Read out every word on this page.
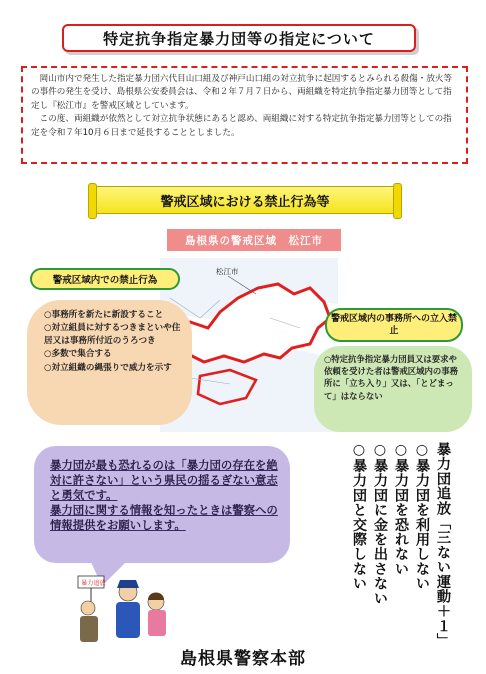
特定抗争指定暴力団等の指定について

岡山市内で発生した指定暴力団六代目山口組及び神戸山口組の対立抗争に起因するとみられる殺傷・放火等の事件の発生を受け、島根県公安委員会は、令和２年７月７日から、両組織を特定抗争指定暴力団等として指定し『松江市』を警戒区域としています。

この度、両組織が依然として対立抗争状態にあると認め、両組織に対する特定抗争指定暴力団等としての指定を令和７年10月６日まで延長することとしました。

警戒区域における禁止行為等
島根県の警戒区域　松江市
松江市
警戒区域内での禁止行為
○事務所を新たに新設すること
○対立組員に対するつきまといや住居又は事務所付近のうろつき
○多数で集合する
○対立組織の縄張りで威力を示す
警戒区域内の事務所への立入禁止
○特定抗争指定暴力団員又は要求や依頼を受けた者は警戒区域内の事務所に「立ち入り」又は、「とどまって」はならない
暴力団が最も恐れるのは「暴力団の存在を絶対に許さない」という県民の揺るぎない意志と勇気です。
暴力団に関する情報を知ったときは警察への情報提供をお願いします。
暴力追放	暴力団追放「三ない運動＋１」
○暴力団を利用しない
○暴力団を恐れない
○暴力団に金を出さない
○暴力団と交際しない
島根県警察本部
